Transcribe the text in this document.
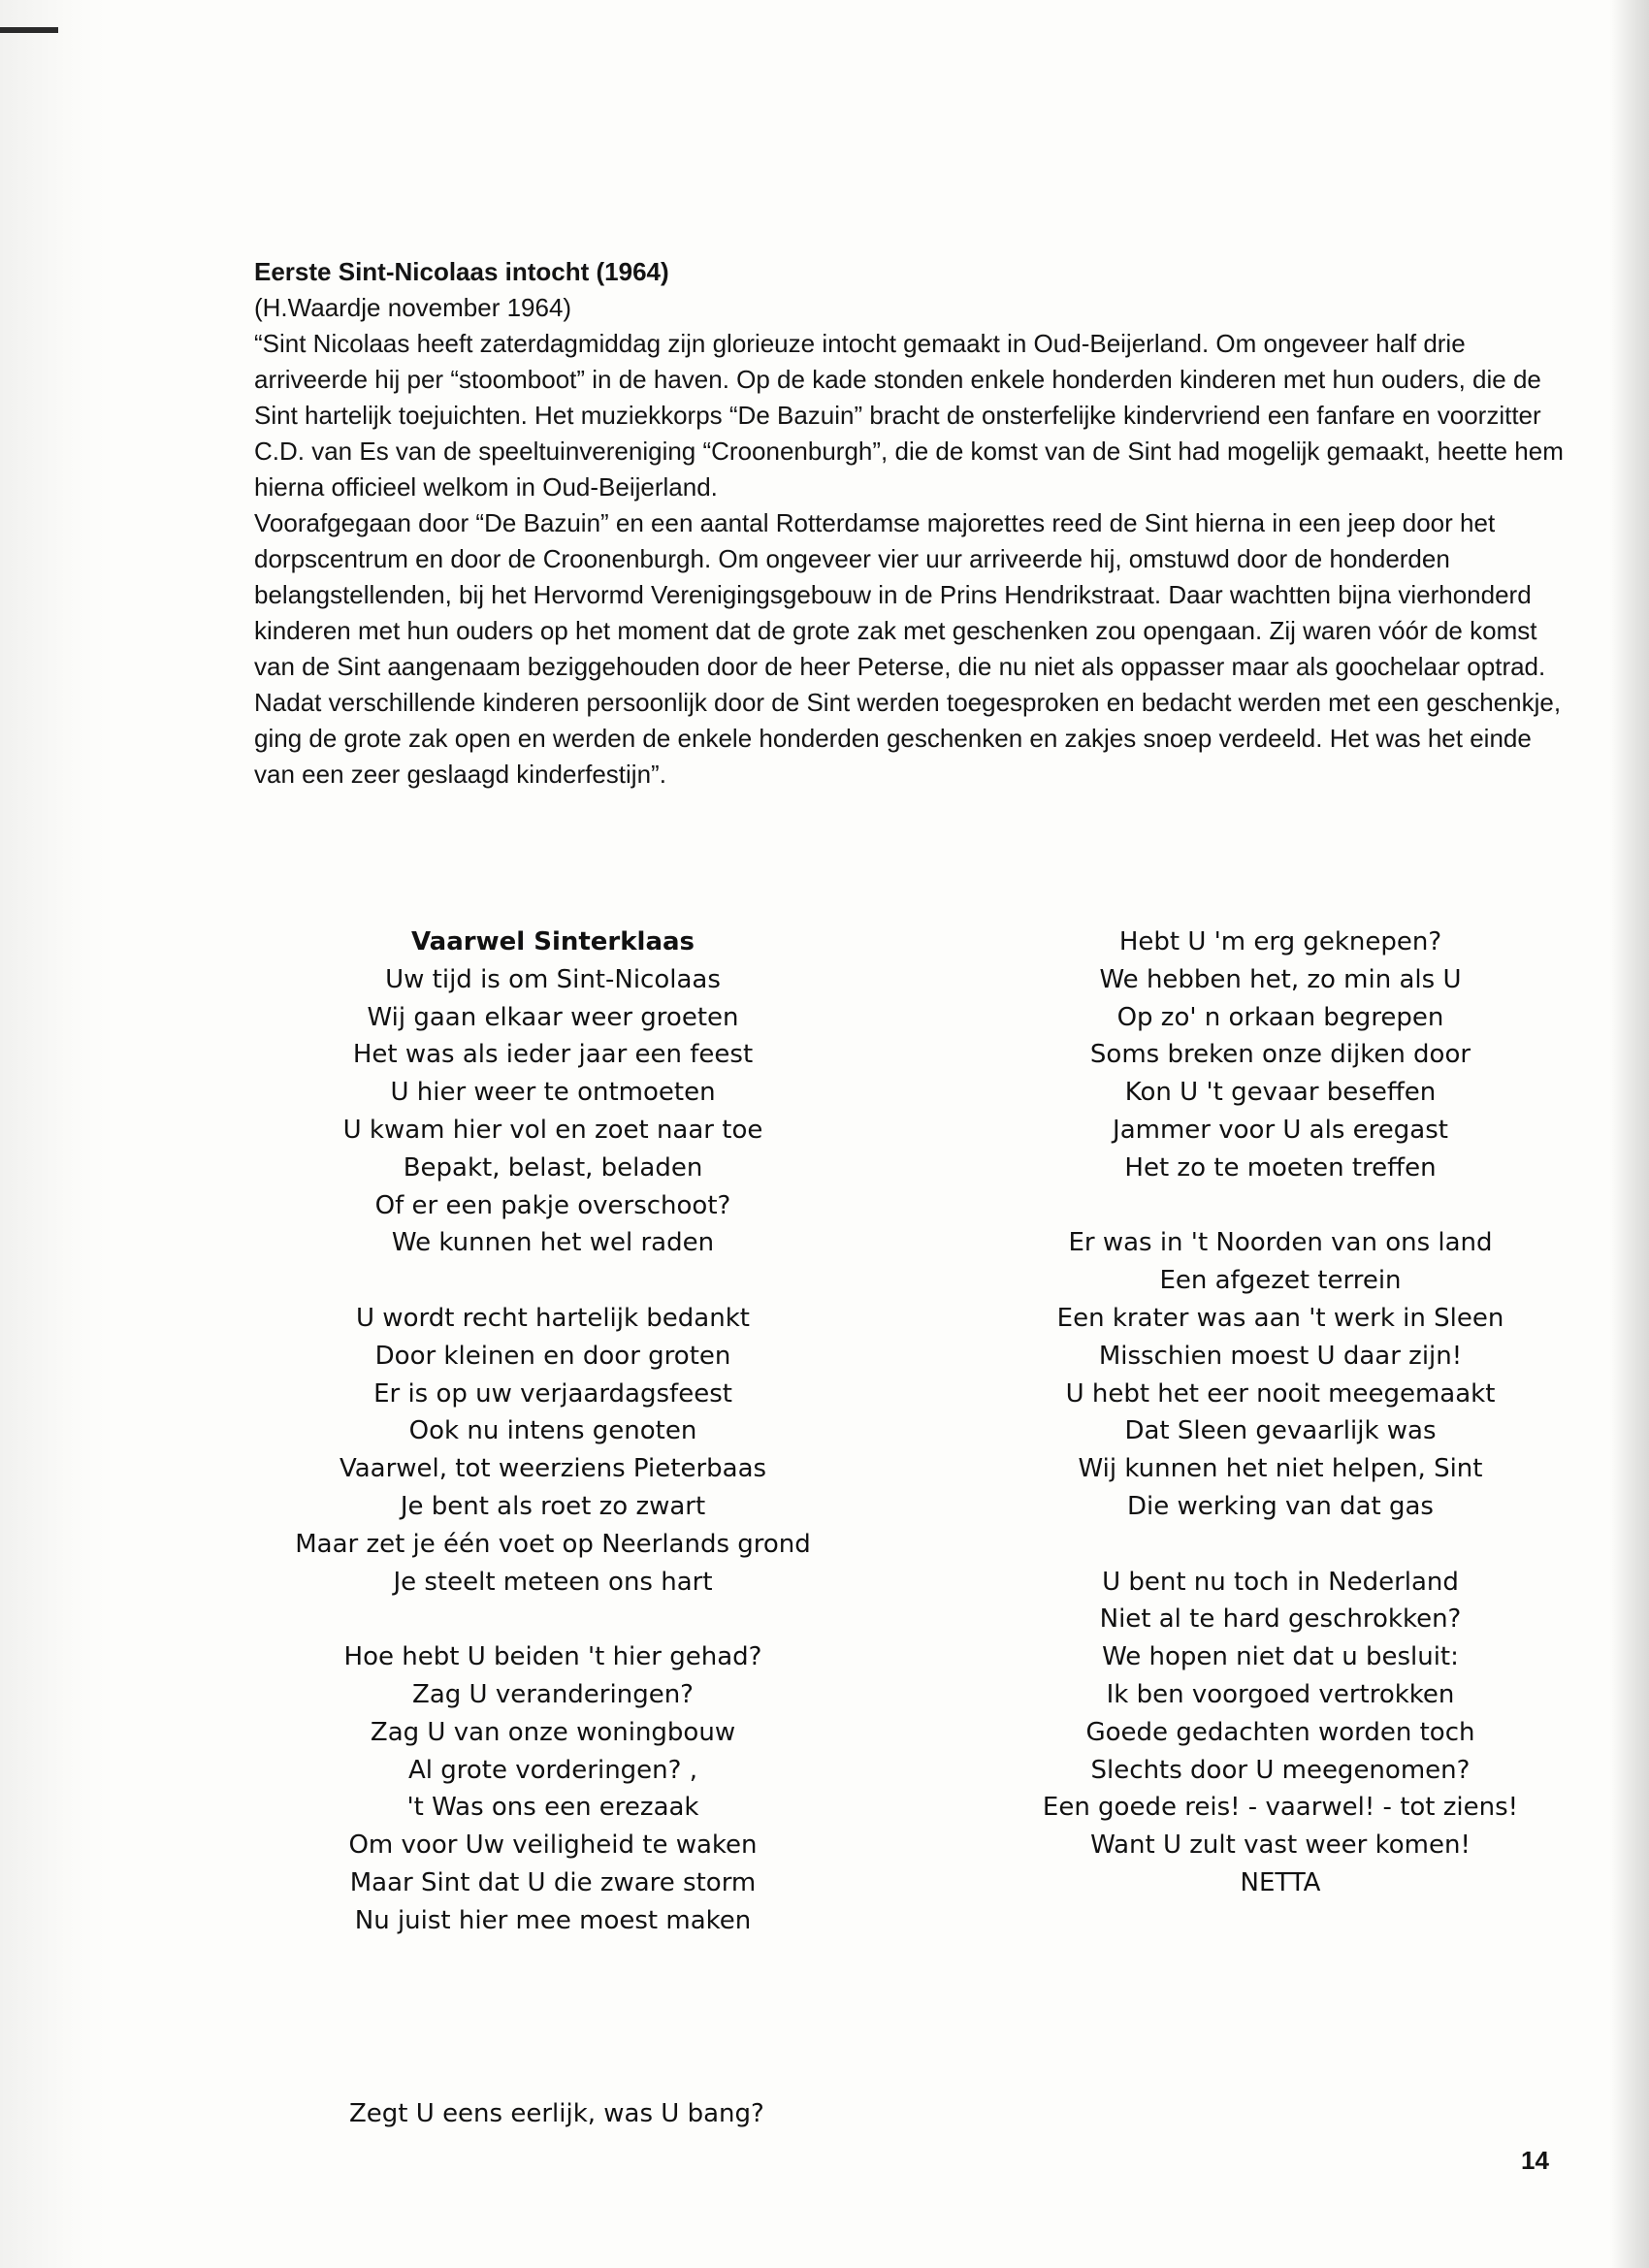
Eerste Sint-Nicolaas intocht (1964)

(H.Waardje november 1964)

“Sint Nicolaas heeft zaterdagmiddag zijn glorieuze intocht gemaakt in Oud-Beijerland. Om ongeveer half drie arriveerde hij per “stoomboot” in de haven. Op de kade stonden enkele honderden kinderen met hun ouders, die de Sint hartelijk toejuichten. Het muziekkorps “De Bazuin” bracht de onsterfelijke kindervriend een fanfare en voorzitter C.D. van Es van de speeltuinvereniging “Croonenburgh”, die de komst van de Sint had mogelijk gemaakt, heette hem hierna officieel welkom in Oud-Beijerland.

Voorafgegaan door “De Bazuin” en een aantal Rotterdamse majorettes reed de Sint hierna in een jeep door het dorpscentrum en door de Croonenburgh. Om ongeveer vier uur arriveerde hij, omstuwd door de honderden belangstellenden, bij het Hervormd Verenigingsgebouw in de Prins Hendrikstraat. Daar wachtten bijna vierhonderd kinderen met hun ouders op het moment dat de grote zak met geschenken zou opengaan. Zij waren vóór de komst van de Sint aangenaam beziggehouden door de heer Peterse, die nu niet als oppasser maar als goochelaar optrad.

Nadat verschillende kinderen persoonlijk door de Sint werden toegesproken en bedacht werden met een geschenkje, ging de grote zak open en werden de enkele honderden geschenken en zakjes snoep verdeeld. Het was het einde van een zeer geslaagd kinderfestijn”.

Vaarwel Sinterklaas
Uw tijd is om Sint-Nicolaas
Wij gaan elkaar weer groeten
Het was als ieder jaar een feest
U hier weer te ontmoeten
U kwam hier vol en zoet naar toe
Bepakt, belast, beladen
Of er een pakje overschoot?
We kunnen het wel raden
U wordt recht hartelijk bedankt
Door kleinen en door groten
Er is op uw verjaardagsfeest
Ook nu intens genoten
Vaarwel, tot weerziens Pieterbaas
Je bent als roet zo zwart
Maar zet je één voet op Neerlands grond
Je steelt meteen ons hart
Hoe hebt U beiden 't hier gehad?
Zag U veranderingen?
Zag U van onze woningbouw
Al grote vorderingen? ,
't Was ons een erezaak
Om voor Uw veiligheid te waken
Maar Sint dat U die zware storm
Nu juist hier mee moest maken
Hebt U 'm erg geknepen?
We hebben het, zo min als U
Op zo' n orkaan begrepen
Soms breken onze dijken door
Kon U 't gevaar beseffen
Jammer voor U als eregast
Het zo te moeten treffen
Er was in 't Noorden van ons land
Een afgezet terrein
Een krater was aan 't werk in Sleen
Misschien moest U daar zijn!
U hebt het eer nooit meegemaakt
Dat Sleen gevaarlijk was
Wij kunnen het niet helpen, Sint
Die werking van dat gas
U bent nu toch in Nederland
Niet al te hard geschrokken?
We hopen niet dat u besluit:
Ik ben voorgoed vertrokken
Goede gedachten worden toch
Slechts door U meegenomen?
Een goede reis! - vaarwel! - tot ziens!
Want U zult vast weer komen!
NETTA
Zegt U eens eerlijk, was U bang?
14
